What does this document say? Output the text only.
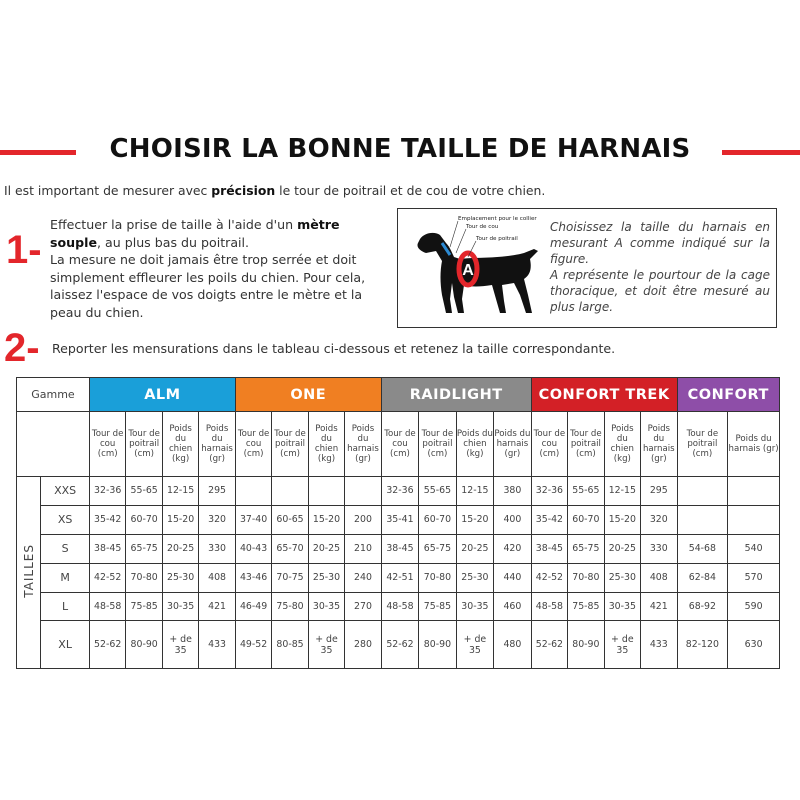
CHOISIR LA BONNE TAILLE DE HARNAIS
Il est important de mesurer avec précision le tour de poitrail et de cou de votre chien.
1-
Effectuer la prise de taille à l'aide d'un mètre souple, au plus bas du poitrail.
La mesure ne doit jamais être trop serrée et doit simplement effleurer les poils du chien. Pour cela, laissez l'espace de vos doigts entre le mètre et la peau du chien.
A
Emplacement pour le collier
Tour de cou
Tour de poitrail
Choisissez la taille du harnais en mesurant A comme indiqué sur la figure.
A représente le pourtour de la cage thoracique, et doit être mesuré au plus large.
2- Reporter les mensurations dans le tableau ci-dessous et retenez la taille correspondante.
Gamme		ALM				ONE				RAIDLIGHT				CONFORT TREK				CONFORT	
		Tour de cou (cm)	Tour de poitrail (cm)	Poids du chien (kg)	Poids du harnais (gr)	Tour de cou (cm)	Tour de poitrail (cm)	Poids du chien (kg)	Poids du harnais (gr)	Tour de cou (cm)	Tour de poitrail (cm)	Poids du chien (kg)	Poids du harnais (gr)	Tour de cou (cm)	Tour de poitrail (cm)	Poids du chien (kg)	Poids du harnais (gr)	Tour de poitrail (cm)	Poids du harnais (gr)
TAILLES	XXS	32-36	55-65	12-15	295					32-36	55-65	12-15	380	32-36	55-65	12-15	295		
	XS	35-42	60-70	15-20	320	37-40	60-65	15-20	200	35-41	60-70	15-20	400	35-42	60-70	15-20	320		
	S	38-45	65-75	20-25	330	40-43	65-70	20-25	210	38-45	65-75	20-25	420	38-45	65-75	20-25	330	54-68	540
	M	42-52	70-80	25-30	408	43-46	70-75	25-30	240	42-51	70-80	25-30	440	42-52	70-80	25-30	408	62-84	570
	L	48-58	75-85	30-35	421	46-49	75-80	30-35	270	48-58	75-85	30-35	460	48-58	75-85	30-35	421	68-92	590
	XL	52-62	80-90	+ de 35	433	49-52	80-85	+ de 35	280	52-62	80-90	+ de 35	480	52-62	80-90	+ de 35	433	82-120	630
